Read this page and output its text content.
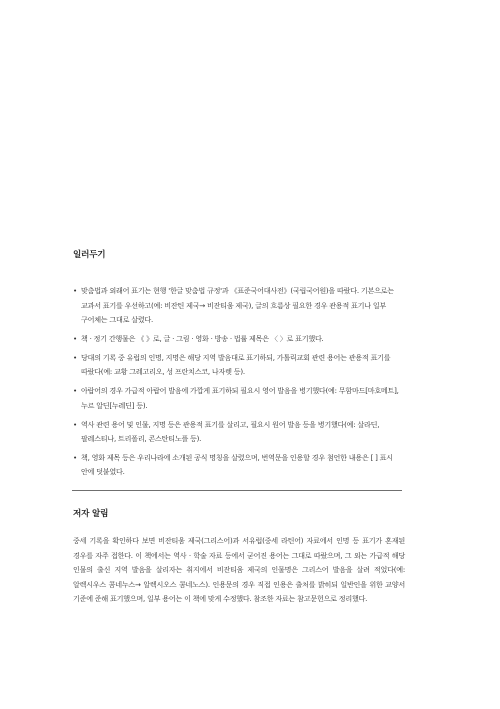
일러두기
• 맞춤법과 외래어 표기는 현행 '한글 맞춤법 규정'과 《표준국어대사전》(국립국어원)을 따랐다. 기본으로는 교과서 표기를 우선하고(예: 비잔틴 제국→ 비잔티움 제국), 글의 흐름상 필요한 경우 관용적 표기나 일부 구어체는 그대로 살렸다.
• 책 · 정기 간행물은 《 》로, 글 · 그림 · 영화 · 방송 · 법률 제목은 〈 〉로 표기했다.
• 당대의 기록 중 유럽의 인명, 지명은 해당 지역 발음대로 표기하되, 가톨릭교회 관련 용어는 관용적 표기를 따랐다(예: 교황 그레고리오, 성 프란치스코, 나자렛 등).
• 아랍어의 경우 가급적 아랍어 발음에 가깝게 표기하되 필요시 영어 발음을 병기했다(예: 무함마드[마호메트], 누르 알딘[누레딘] 등).
• 역사 관련 용어 및 인물, 지명 등은 관용적 표기를 살리고, 필요시 원어 발음 등을 병기했다(예: 살라딘, 팔레스티나, 트리폴리, 콘스탄티노플 등).
• 책, 영화 제목 등은 우리나라에 소개된 공식 명칭을 살렸으며, 번역문을 인용할 경우 첨언한 내용은 [ ] 표시 안에 덧붙였다.
저자 알림

중세 기록을 확인하다 보면 비잔티움 제국(그리스어)과 서유럽(중세 라틴어) 자료에서 인명 등 표기가 혼재된 경우를 자주 접한다. 이 책에서는 역사 · 학술 자료 등에서 굳어진 용어는 그대로 따랐으며, 그 외는 가급적 해당 인물의 출신 지역 발음을 살리자는 취지에서 비잔티움 제국의 인물명은 그리스어 발음을 살려 적었다(예: 알렉시우스 콤네누스→ 알렉시오스 콤네노스). 인용문의 경우 직접 인용은 출처를 밝히되 일반인을 위한 교양서 기준에 준해 표기했으며, 일부 용어는 이 책에 맞게 수정했다. 참조한 자료는 참고문헌으로 정리했다.
